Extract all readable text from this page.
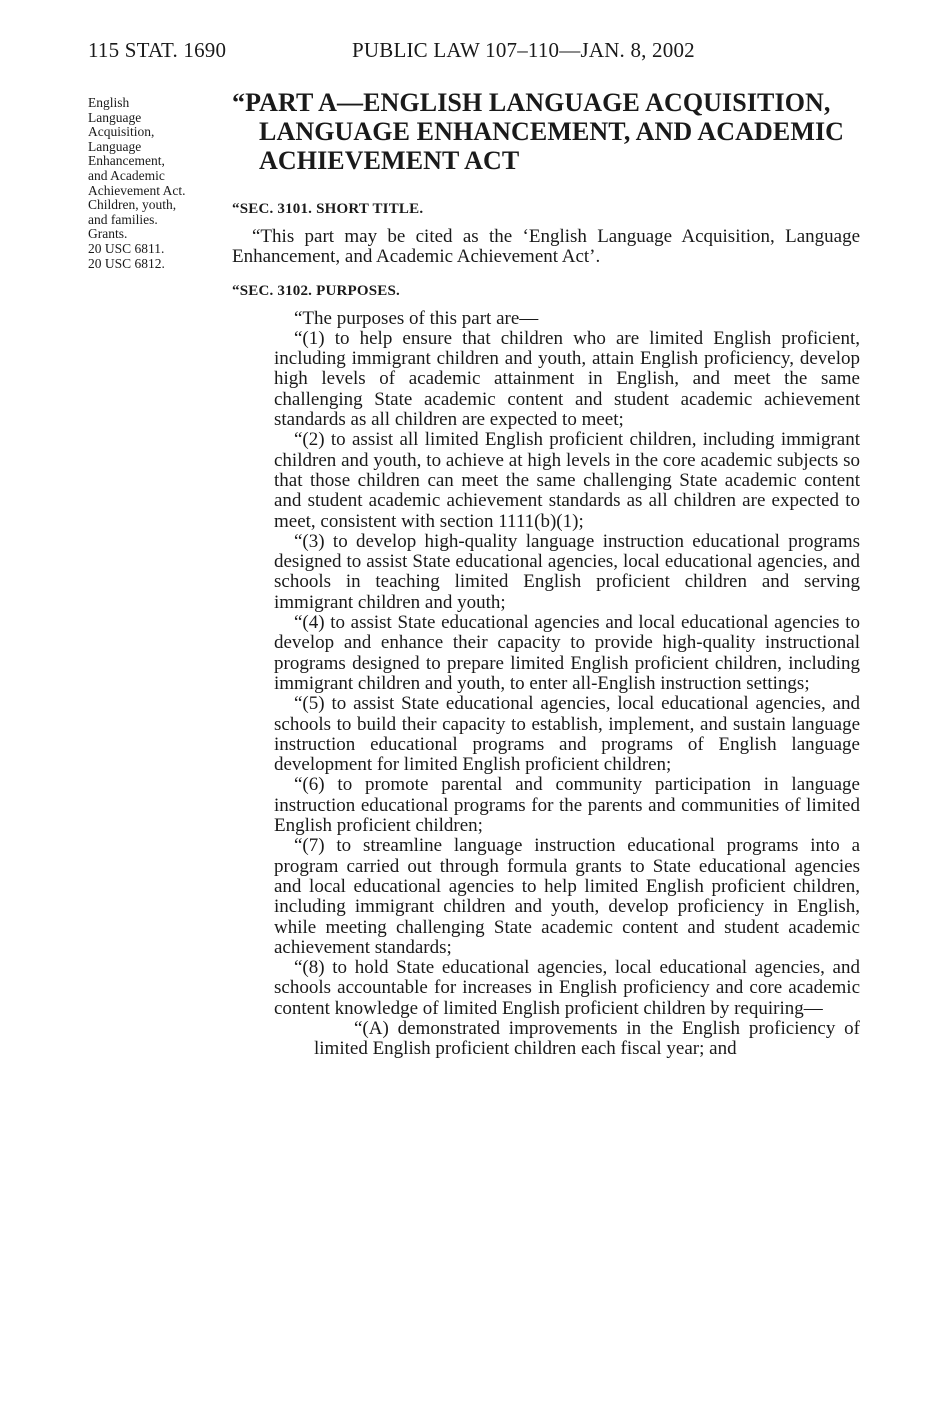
115 STAT. 1690	PUBLIC LAW 107–110—JAN. 8, 2002
English
Language
Acquisition,
Language
Enhancement,
and Academic
Achievement Act.
Children, youth,
and families.
Grants.
20 USC 6811.
20 USC 6812.
“PART A—ENGLISH LANGUAGE ACQUISITION, LANGUAGE ENHANCEMENT, AND ACADEMIC ACHIEVEMENT ACT
“SEC. 3101. SHORT TITLE.

“This part may be cited as the ‘English Language Acquisition, Language Enhancement, and Academic Achievement Act’.

“SEC. 3102. PURPOSES.

“The purposes of this part are—

“(1) to help ensure that children who are limited English proficient, including immigrant children and youth, attain English proficiency, develop high levels of academic attainment in English, and meet the same challenging State academic content and student academic achievement standards as all children are expected to meet;

“(2) to assist all limited English proficient children, including immigrant children and youth, to achieve at high levels in the core academic subjects so that those children can meet the same challenging State academic content and student academic achievement standards as all children are expected to meet, consistent with section 1111(b)(1);

“(3) to develop high-quality language instruction educational programs designed to assist State educational agencies, local educational agencies, and schools in teaching limited English proficient children and serving immigrant children and youth;

“(4) to assist State educational agencies and local educational agencies to develop and enhance their capacity to provide high-quality instructional programs designed to prepare limited English proficient children, including immigrant children and youth, to enter all-English instruction settings;

“(5) to assist State educational agencies, local educational agencies, and schools to build their capacity to establish, implement, and sustain language instruction educational programs and programs of English language development for limited English proficient children;

“(6) to promote parental and community participation in language instruction educational programs for the parents and communities of limited English proficient children;

“(7) to streamline language instruction educational programs into a program carried out through formula grants to State educational agencies and local educational agencies to help limited English proficient children, including immigrant children and youth, develop proficiency in English, while meeting challenging State academic content and student academic achievement standards;

“(8) to hold State educational agencies, local educational agencies, and schools accountable for increases in English proficiency and core academic content knowledge of limited English proficient children by requiring—

“(A) demonstrated improvements in the English proficiency of limited English proficient children each fiscal year; and
